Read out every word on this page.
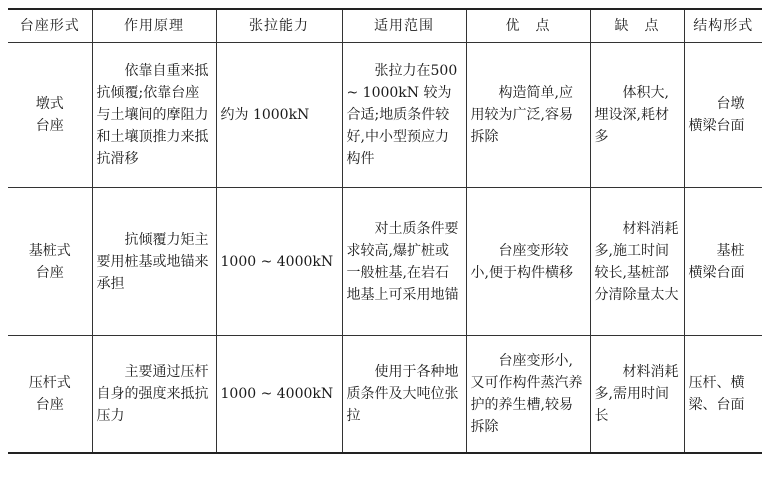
台座形式	作用原理	张拉能力	适用范围	优　点	缺　点	结构形式

墩式
台座	依靠自重来抵抗倾覆;依靠台座与土壤间的摩阻力和土壤顶推力来抵抗滑移	约为 1000kN	张拉力在500 ~ 1000kN 较为合适;地质条件较好,中小型预应力构件	构造简单,应用较为广泛,容易拆除	体积大,埋设深,耗材多	台墩横梁台面

基桩式
台座	抗倾覆力矩主要用桩基或地锚来承担	1000 ~ 4000kN	对土质条件要求较高,爆扩桩或一般桩基,在岩石地基上可采用地锚	台座变形较小,便于构件横移	材料消耗多,施工时间较长,基桩部分清除量太大	基桩横梁台面

压杆式
台座	主要通过压杆自身的强度来抵抗压力	1000 ~ 4000kN	使用于各种地质条件及大吨位张拉	台座变形小,又可作构件蒸汽养护的养生槽,较易拆除	材料消耗多,需用时间长	压杆、横梁、台面
